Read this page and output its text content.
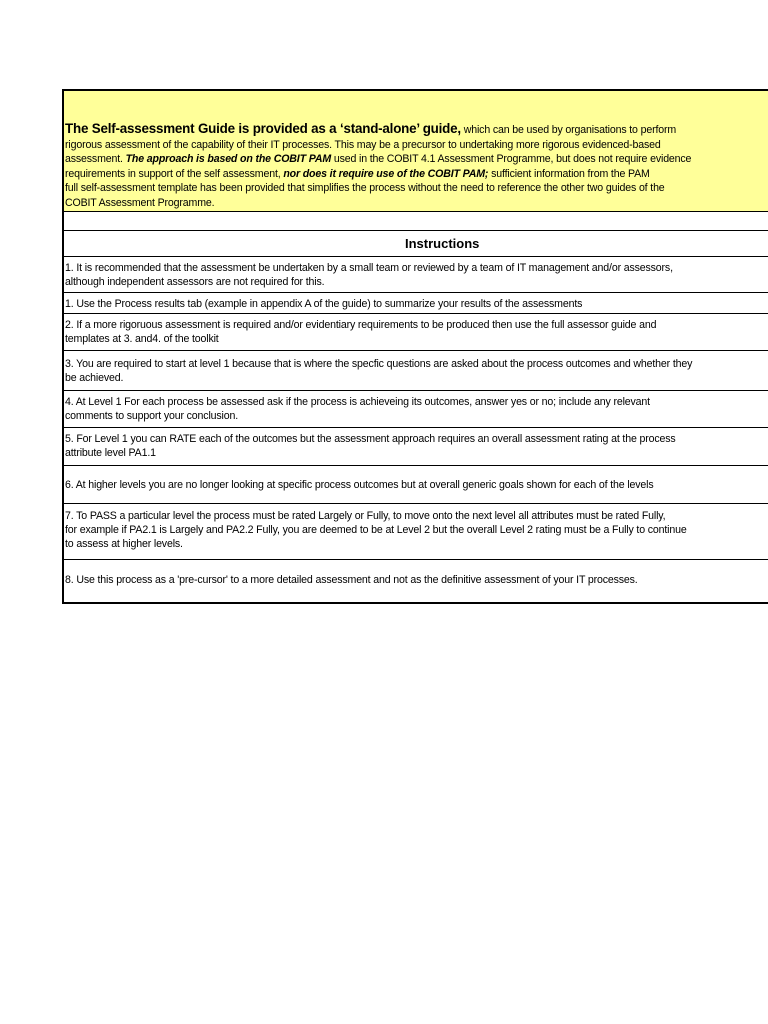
The Self-assessment Guide is provided as a ‘stand-alone’ guide, which can be used by organisations to perform
rigorous assessment of the capability of their IT processes. This may be a precursor to undertaking more rigorous evidenced-based
assessment. The approach is based on the COBIT PAM used in the COBIT 4.1 Assessment Programme, but does not require evidence
requirements in support of the self assessment, nor does it require use of the COBIT PAM; sufficient information from the PAM
full self-assessment template has been provided that simplifies the process without the need to reference the other two guides of the
COBIT Assessment Programme.
Instructions
1. It is recommended that the assessment be undertaken by a small team or reviewed by a team of IT management and/or assessors,
although independent assessors are not required for this.
1. Use the Process results tab (example in appendix A of the guide) to summarize your results of the assessments
2. If a more rigoruous assessment is required and/or evidentiary requirements to be produced then use the full assessor guide and
templates at 3. and4. of the toolkit
3. You are required to start at level 1 because that is where the specfic questions are asked about the process outcomes and whether they
be achieved.
4. At Level 1 For each process be assessed ask if the process is achieveing its outcomes, answer yes or no; include any relevant
comments to support your conclusion.
5. For Level 1 you can RATE each of the outcomes but the assessment approach requires an overall assessment rating at the process
attribute level PA1.1
6. At higher levels you are no longer looking at specific process outcomes but at overall generic goals shown for each of the levels
7. To PASS a particular level the process must be rated Largely or Fully, to move onto the next level all attributes must be rated Fully,
for example if PA2.1 is Largely and PA2.2 Fully, you are deemed to be at Level 2 but the overall Level 2 rating must be a Fully to continue
to assess at higher levels.
8. Use this process as a 'pre-cursor' to a more detailed assessment and not as the definitive assessment of your IT processes.
